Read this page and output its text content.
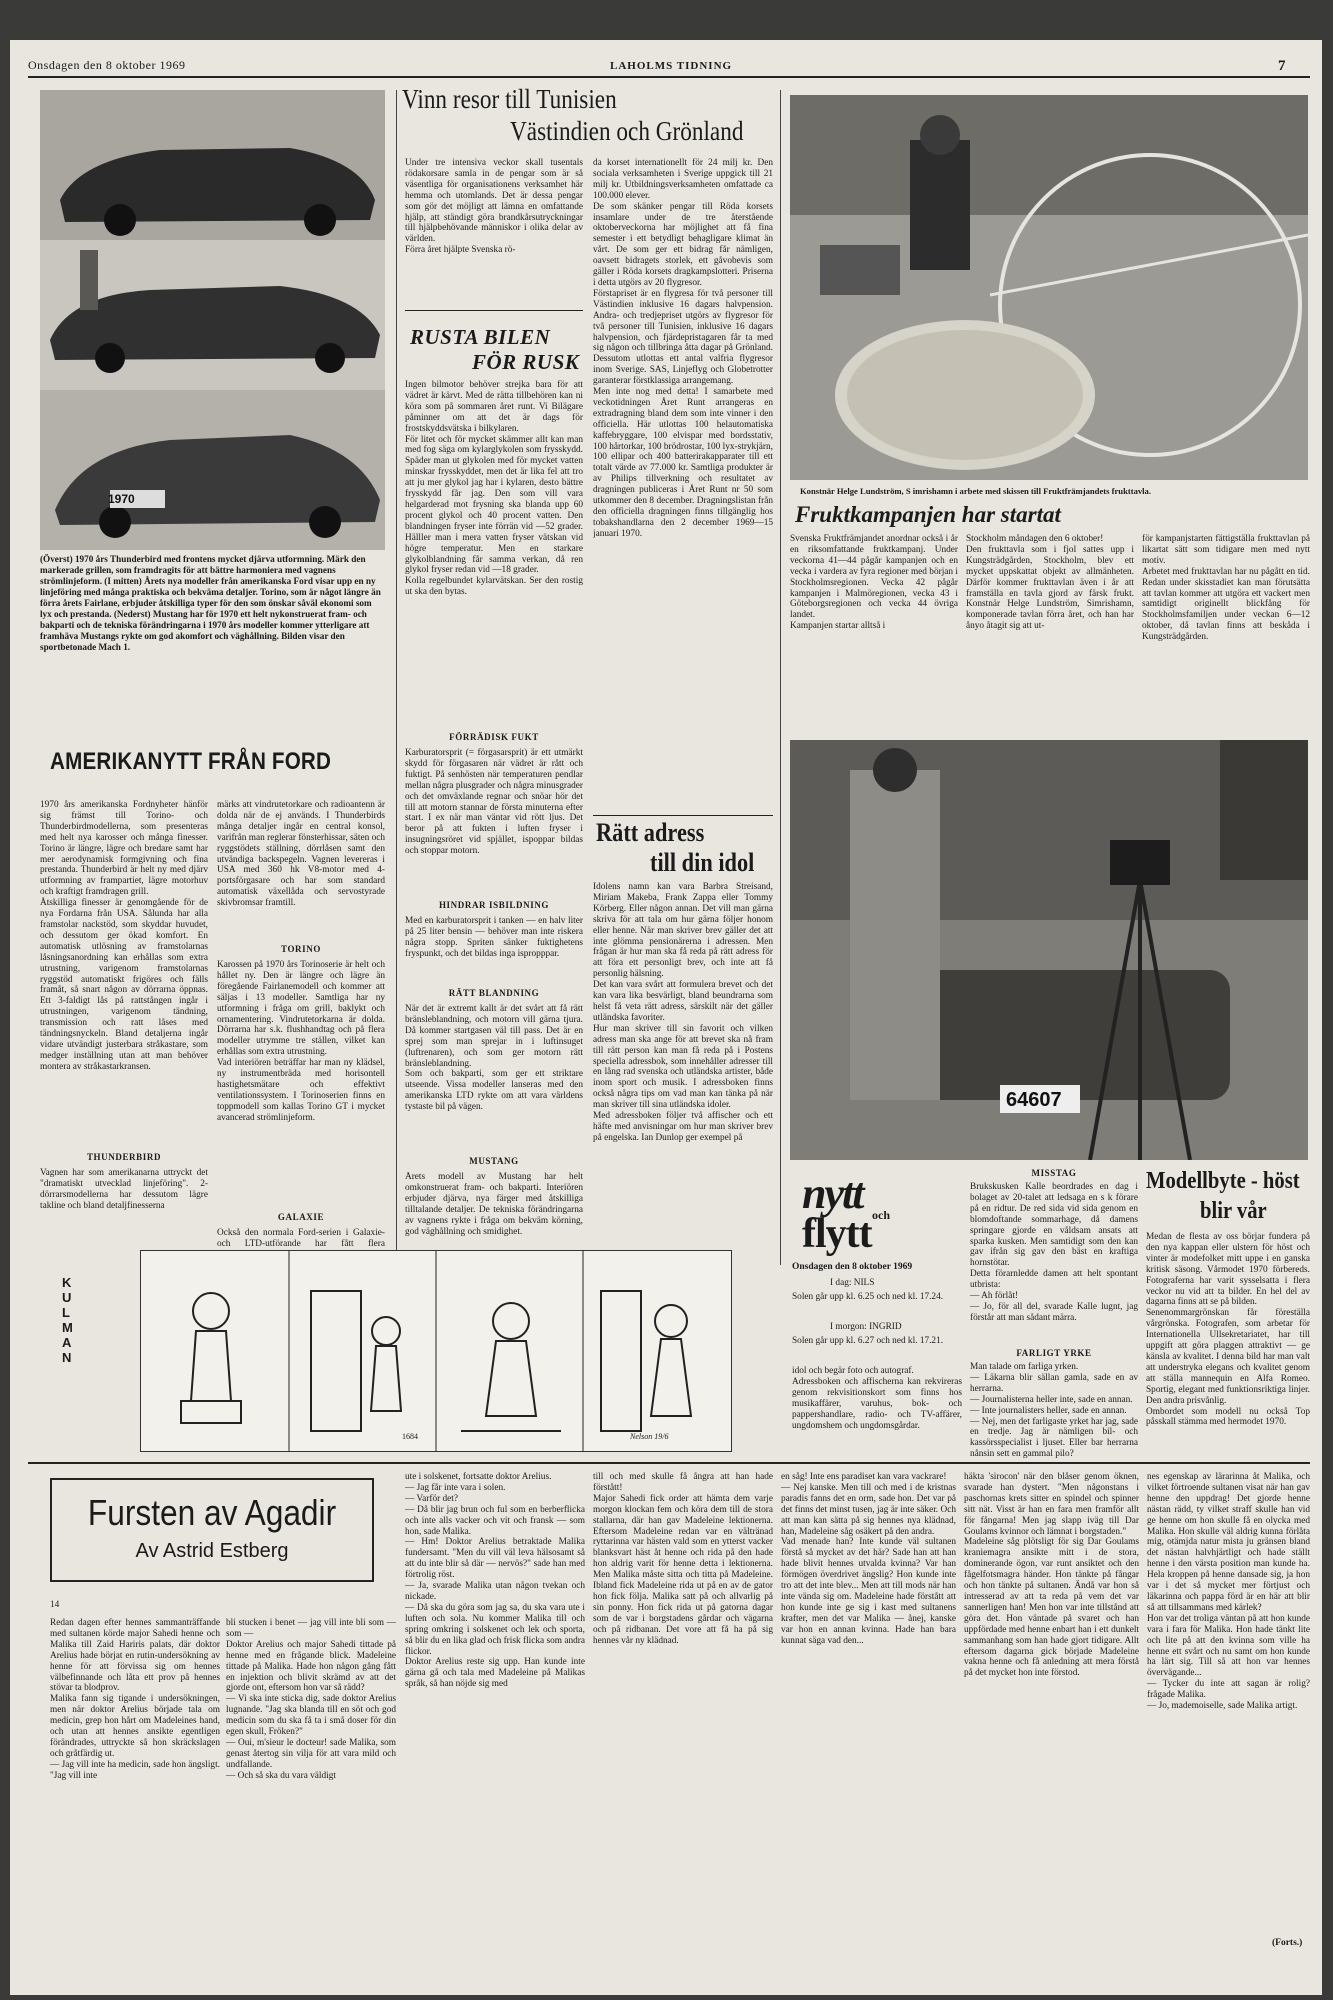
Onsdagen den 8 oktober 1969	LAHOLMS TIDNING	7
1970
(Överst) 1970 års Thunderbird med frontens mycket djärva utformning. Märk den markerade grillen, som framdragits för att bättre harmoniera med vagnens strömlinjeform. (I mitten) Årets nya modeller från amerikanska Ford visar upp en ny linjeföring med många praktiska och bekväma detaljer. Torino, som är något längre än förra årets Fairlane, erbjuder åtskilliga typer för den som önskar såväl ekonomi som lyx och prestanda. (Nederst) Mustang har för 1970 ett helt nykonstruerat fram- och bakparti och de tekniska förändringarna i 1970 års modeller kommer ytterligare att framhäva Mustangs rykte om god akomfort och väghållning. Bilden visar den sportbetonade Mach 1.
AMERIKANYTT FRÅN FORD
1970 års amerikanska Fordnyheter hänför sig främst till Torino- och Thunderbirdmodellerna, som presenteras med helt nya karosser och många finesser. Torino är längre, lägre och bredare samt har mer aerodynamisk formgivning och fina prestanda. Thunderbird är helt ny med djärv utformning av frampartiet, lägre motorhuv och kraftigt framdragen grill.
Åtskilliga finesser är genomgående för de nya Fordarna från USA. Sålunda har alla framstolar nackstöd, som skyddar huvudet, och dessutom ger ökad komfort. En automatisk utlösning av framstolarnas låsningsanordning kan erhållas som extra utrustning, varigenom framstolarnas ryggstöd automatiskt frigöres och fälls framåt, så snart någon av dörrarna öppnas. Ett 3-faldigt lås på rattstången ingår i utrustningen, varigenom tändning, transmission och ratt låses med tändningsnyckeln. Bland detaljerna ingår vidare utvändigt justerbara stråkastare, som medger inställning utan att man behöver montera av stråkastarkransen.
THUNDERBIRD
Vagnen har som amerikanarna uttryckt det "dramatiskt utvecklad linjeföring". 2-dörrarsmodellerna har dessutom lägre takline och bland detaljfinesserna
märks att vindrutetorkare och radioantenn är dolda när de ej används. I Thunderbirds många detaljer ingår en central konsol, varifrån man reglerar fönsterhissar, säten och ryggstödets ställning, dörrlåsen samt den utvändiga backspegeln. Vagnen levereras i USA med 360 hk V8-motor med 4-portsförgasare och har som standard automatisk växellåda och servostyrade skivbromsar framtill.
TORINO
Karossen på 1970 års Torinoserie är helt och hållet ny. Den är längre och lägre än föregående Fairlanemodell och kommer att säljas i 13 modeller. Samtliga har ny utformning i fråga om grill, baklykt och ornamentering. Vindrutetorkarna är dolda. Dörrarna har s.k. flushhandtag och på flera modeller utrymme tre ställen, vilket kan erhållas som extra utrustning.
Vad interiören beträffar har man ny klädsel, ny instrumentbräda med horisontell hastighetsmätare och effektivt ventilationssystem. I Torinoserien finns en toppmodell som kallas Torino GT i mycket avancerad strömlinjeform.
GALAXIE
Också den normala Ford-serien i Galaxie- och LTD-utförande har fått flera
Vinn resor till Tunisien
Västindien och Grönland
Under tre intensiva veckor skall tusentals rödakorsare samla in de pengar som är så väsentliga för organisationens verksamhet här hemma och utomlands. Det är dessa pengar som gör det möjligt att lämna en omfattande hjälp, att ständigt göra brandkårsutryckningar till hjälpbehövande människor i olika delar av världen.
Förra året hjälpte Svenska rö-
da korset internationellt för 24 milj kr. Den sociala verksamheten i Sverige uppgick till 21 milj kr. Utbildningsverksamheten omfattade ca 100.000 elever.
De som skänker pengar till Röda korsets insamlare under de tre återstående oktoberveckorna har möjlighet att få fina semester i ett betydligt behagligare klimat än vårt. De som ger ett bidrag får nämligen, oavsett bidragets storlek, ett gåvobevis som gäller i Röda korsets dragkampslotteri. Priserna i detta utgörs av 20 flygresor.
Förstapriset är en flygresa för två personer till Västindien inklusive 16 dagars halvpension. Andra- och tredjepriset utgörs av flygresor för två personer till Tunisien, inklusive 16 dagars halvpension, och fjärdepristagaren får ta med sig någon och tillbringa åtta dagar på Grönland. Dessutom utlottas ett antal valfria flygresor inom Sverige. SAS, Linjeflyg och Globetrotter garanterar förstklassiga arrangemang.
Men inte nog med detta! I samarbete med veckotidningen Året Runt arrangeras en extradragning bland dem som inte vinner i den officiella. Här utlottas 100 helautomatiska kaffebryggare, 100 elvispar med bordsstativ, 100 hårtorkar, 100 brödrostar, 100 lyx-strykjärn, 100 ellipar och 400 batterirakapparater till ett totalt värde av 77.000 kr. Samtliga produkter är av Philips tillverkning och resultatet av dragningen publiceras i Året Runt nr 50 som utkommer den 8 december. Dragningslistan från den officiella dragningen finns tillgänglig hos tobakshandlarna den 2 december 1969—15 januari 1970.
RUSTA BILEN
FÖR RUSK
Ingen bilmotor behöver strejka bara för att vädret är kärvt. Med de rätta tillbehören kan ni köra som på sommaren året runt. Vi Bilägare påminner om att det är dags för frostskyddsvätska i bilkylaren.
För litet och för mycket skämmer allt kan man med fog säga om kylarglykolen som frysskydd. Späder man ut glykolen med för mycket vatten minskar frysskyddet, men det är lika fel att tro att ju mer glykol jag har i kylaren, desto bättre frysskydd får jag. Den som vill vara helgarderad mot frysning ska blanda upp 60 procent glykol och 40 procent vatten. Den blandningen fryser inte förrän vid —52 grader. Hälller man i mera vatten fryser vätskan vid högre temperatur. Men en starkare glykolblandning får samma verkan, då ren glykol fryser redan vid —18 grader.
Kolla regelbundet kylarvätskan. Ser den rostig ut ska den bytas.
FÖRRÄDISK FUKT
Karburatorsprit (= förgasarsprit) är ett utmärkt skydd för förgasaren när vädret är rått och fuktigt. På senhösten när temperaturen pendlar mellan några plusgrader och några minusgrader och det omväxlande regnar och snöar hör det till att motorn stannar de första minuterna efter start. I ex när man väntar vid rött ljus. Det beror på att fukten i luften fryser i insugningsröret vid spjället, ispoppar bildas och stoppar motorn.
HINDRAR ISBILDNING
Med en karburatorsprit i tanken — en halv liter på 25 liter bensin — behöver man inte riskera några stopp. Spriten sänker fuktighetens fryspunkt, och det bildas inga ispropppar.
RÄTT BLANDNING
När det är extremt kallt är det svårt att få rätt bränsleblandning, och motorn vill gärna tjura. Då kommer startgasen väl till pass. Det är en sprej som man sprejar in i luftinsuget (luftrenaren), och som ger motorn rätt bränsleblandning.
Som och bakparti, som ger ett striktare utseende. Vissa modeller lanseras med den amerikanska LTD rykte om att vara världens tystaste bil på vägen.
MUSTANG
Årets modell av Mustang har helt omkonstruerat fram- och bakparti. Interiören erbjuder djärva, nya färger med åtskilliga tilltalande detaljer. De tekniska förändringarna av vagnens rykte i fråga om bekväm körning, god väghållning och smidighet.
Rätt adress
till din idol
Idolens namn kan vara Barbra Streisand, Miriam Makeba, Frank Zappa eller Tommy Körberg. Eller någon annan. Det vill man gärna skriva för att tala om hur gärna följer honom eller henne. När man skriver brev gäller det att inte glömma pensionärerna i adressen. Men frågan är hur man ska få reda på rätt adress för att föra ett personligt brev, och inte att få personlig hälsning.
Det kan vara svårt att formulera brevet och det kan vara lika besvärligt, bland beundrarna som helst få veta rätt adress, särskilt när det gäller utländska favoriter.
Hur man skriver till sin favorit och vilken adress man ska ange för att brevet ska nå fram till rätt person kan man få reda på i Postens speciella adressbok, som innehåller adresser till en lång rad svenska och utländska artister, både inom sport och musik. I adressboken finns också några tips om vad man kan tänka på när man skriver till sina utländska idoler.
Med adressboken följer två affischer och ett häfte med anvisningar om hur man skriver brev på engelska. Ian Dunlop ger exempel på
Konstnär Helge Lundström, S imrishamn i arbete med skissen till Fruktfrämjandets frukttavla.
Fruktkampanjen har startat
Svenska Fruktfrämjandet anordnar också i år en riksomfattande fruktkampanj. Under veckorna 41—44 pågår kampanjen och en vecka i vardera av fyra regioner med början i Stockholmsregionen. Vecka 42 pågår kampanjen i Malmöregionen, vecka 43 i Göteborgsregionen och vecka 44 övriga landet.
Kampanjen startar alltså i
Stockholm måndagen den 6 oktober!
Den frukttavla som i fjol sattes upp i Kungsträdgården, Stockholm, blev ett mycket uppskattat objekt av allmänheten. Därför kommer frukttavlan även i år att framställa en tavla gjord av färsk frukt. Konstnär Helge Lundström, Simrishamn, komponerade tavlan förra året, och han har ånyo åtagit sig att ut-
för kampanjstarten fättigställa frukttavlan på likartat sätt som tidigare men med nytt motiv.
Arbetet med frukttavlan har nu pågått en tid. Redan under skisstadiet kan man förutsätta att tavlan kommer att utgöra ett vackert men samtidigt originellt blickfång för Stockholmsfamiljen under veckan 6—12 oktober, då tavlan finns att beskåda i Kungsträdgården.
64607
nytt och
flytt
Onsdagen den 8 oktober 1969
I dag: NILS
Solen går upp kl. 6.25 och ned kl. 17.24.
I morgon: INGRID
Solen går upp kl. 6.27 och ned kl. 17.21.
idol och begär foto och autograf.
Adressboken och affischerna kan rekvireras genom rekvisitionskort som finns hos musikaffärer, varuhus, bok- och pappershandlare, radio- och TV-affärer, ungdomshem och ungdomsgårdar.
MISSTAG
Brukskusken Kalle beordrades en dag i bolaget av 20-talet att ledsaga en s k förare på en ridtur. De red sida vid sida genom en blomdoftande sommarhage, då damens springare gjorde en våldsam ansats att sparka kusken. Men samtidigt som den kan gav ifrån sig gav den bäst en kraftiga hornstötar.
Detta förarnledde damen att helt spontant utbrista:
— Ah förlåt!
— Jo, för all del, svarade Kalle lugnt, jag förstår att man sådant märra.
FARLIGT YRKE
Man talade om farliga yrken.
— Läkarna blir sällan gamla, sade en av herrarna.
— Journalisterna heller inte, sade en annan.
— Inte journalisters heller, sade en annan.
— Nej, men det farligaste yrket har jag, sade en tredje. Jag är nämligen bil- och kassörsspecialist i ljuset. Eller bar herrarna nånsin sett en gammal pilo?
Modellbyte - höst
blir vår
Medan de flesta av oss börjar fundera på den nya kappan eller ulstern för höst och vinter är modefolket mitt uppe i en ganska kritisk säsong. Vårmodet 1970 förbereds. Fotograferna har varit sysselsatta i flera veckor nu vid att ta bilder. En hel del av dagarna finns att se på bilden.
Senenommargrönskan får föreställa vårgrönska. Fotografen, som arbetar för Internationella Ullsekretariatet, har till uppgift att göra plaggen attraktivt — ge känsla av kvalitet. I denna bild har man valt att understryka elegans och kvalitet genom att ställa mannequin en Alfa Romeo. Sportig, elegant med funktionsriktiga linjer. Den andra prisvånlig.
Ombordet som modell nu också Top påsskall stämma med hermodet 1970.
KULMAN
1684	Nelson 19/6
Fursten av Agadir
Av Astrid Estberg
14
Redan dagen efter hennes sammanträffande med sultanen körde major Sahedi henne och Malika till Zaid Hariris palats, där doktor Arelius hade börjat en rutin-undersökning av henne för att förvissa sig om hennes välbefinnande och låta ett prov på hennes stövar ta blodprov.
Malika fann sig tigande i undersökningen, men när doktor Arelius började tala om medicin, grep hon hårt om Madeleines hand, och utan att hennes ansikte egentligen förändrades, uttryckte så hon skräckslagen och gråtfärdig ut.
— Jag vill inte ha medicin, sade hon ängsligt. "Jag vill inte
bli stucken i benet — jag vill inte bli som — som —
Doktor Arelius och major Sahedi tittade på henne med en frågande blick. Madeleine tittade på Malika. Hade hon någon gång fått en injektion och blivit skrämd av att det gjorde ont, eftersom hon var så rädd?
— Vi ska inte sticka dig, sade doktor Arelius lugnande. "Jag ska blanda till en söt och god medicin som du ska få ta i små doser för din egen skull, Fröken?"
— Oui, m'sieur le docteur! sade Malika, som genast återtog sin vilja för att vara mild och undfallande.
— Och så ska du vara väldigt
ute i solskenet, fortsatte doktor Arelius.
— Jag får inte vara i solen.
— Varför det?
— Då blir jag brun och ful som en berberflicka och inte alls vacker och vit och fransk — som hon, sade Malika.
— Hm! Doktor Arelius betraktade Malika fundersamt. "Men du vill väl leva hälsosamt så att du inte blir så där — nervös?" sade han med förtrolig röst.
— Ja, svarade Malika utan någon tvekan och nickade.
— Då ska du göra som jag sa, du ska vara ute i luften och sola. Nu kommer Malika till och spring omkring i solskenet och lek och sporta, så blir du en lika glad och frisk flicka som andra flickor.
Doktor Arelius reste sig upp. Han kunde inte gärna gå och tala med Madeleine på Malikas språk, så han nöjde sig med
till och med skulle få ångra att han hade förstått!
Major Sahedi fick order att hämta dem varje morgon klockan fem och köra dem till de stora stallarna, där han gav Madeleine lektionerna. Eftersom Madeleine redan var en vältränad ryttarinna var hästen vald som en ytterst vacker blanksvart häst åt henne och rida på den hade hon aldrig varit för henne detta i lektionerna. Men Malika måste sitta och titta på Madeleine. Ibland fick Madeleine rida ut på en av de gator hon fick följa. Malika satt på och allvarlig på sin ponny. Hon fick rida ut på gatorna dagar som de var i borgstadens gårdar och vägarna och på ridbanan. Det vore att få ha på sig hennes vår ny klädnad.
en såg! Inte ens paradiset kan vara vackrare!
— Nej kanske. Men till och med i de kristnas paradis fanns det en orm, sade hon. Det var på det finns det minst tusen, jag är inte säker. Och att man kan sätta på sig hennes nya klädnad, han, Madeleine såg osäkert på den andra.
Vad menade han? Inte kunde väl sultanen förstå så mycket av det här? Sade han att han hade blivit hennes utvalda kvinna? Var han förmögen överdrivet ängslig? Hon kunde inte tro att det inte blev... Men att till mods när han inte vända sig om. Madeleine hade förstått att hon kunde inte ge sig i kast med sultanens krafter, men det var Malika — ånej, kanske var hon en annan kvinna. Hade han bara kunnat säga vad den...
häkta 'sirocon' när den blåser genom öknen, svarade han dystert. "Men någonstans i paschornas krets sitter en spindel och spinner sitt nät. Visst är han en fara men framför allt för fångarna! Men jag slapp iväg till Dar Goulams kvinnor och lämnat i borgstaden."
Madeleine såg plötsligt för sig Dar Goulams kraniemagra ansikte mitt i de stora, dominerande ögon, var runt ansiktet och den fågelfotsmagra händer. Hon tänkte på fångar och hon tänkte på sultanen. Ändå var hon så intresserad av att ta reda på vem det var sannerligen han! Men hon var inte tillstånd att göra det. Hon väntade på svaret och han uppfördade med henne enbart han i ett dunkelt sammanhang som han hade gjort tidigare. Allt eftersom dagarna gick började Madeleine vakna henne och få anledning att mera förstå på det mycket hon inte förstod.
nes egenskap av lärarinna åt Malika, och vilket förtroende sultanen visat när han gav henne den uppdrag! Det gjorde henne nästan rädd, ty vilket straff skulle han vid ge henne om hon skulle få en olycka med Malika. Hon skulle väl aldrig kunna förlåta mig, otämjda natur mista ju gränsen bland det nästan halvhjärtligt och hade ställt henne i den värsta position man kunde ha. Hela kroppen på henne dansade sig, ja hon var i det så mycket mer förtjust och läkarinna och pappa förd är en här att blir så att tillsammans med kärlek?
Hon var det troliga väntan på att hon kunde vara i fara för Malika. Hon hade tänkt lite och lite på att den kvinna som ville ha henne ett svårt och nu samt om hon kunde ha lärt sig. Till så att hon var hennes övervägande...
— Tycker du inte att sagan är rolig? frågade Malika.
— Jo, mademoiselle, sade Malika artigt.
(Forts.)
